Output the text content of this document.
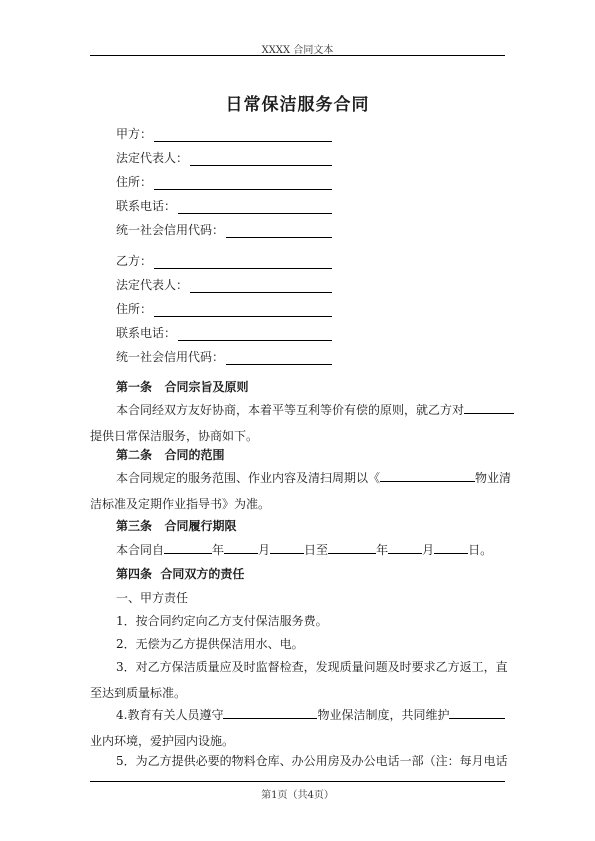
XXXX 合同文本
日常保洁服务合同
甲方：
法定代表人：
住所：
联系电话：
统一社会信用代码：
乙方：
法定代表人：
住所：
联系电话：
统一社会信用代码：
第一条   合同宗旨及原则
本合同经双方友好协商，本着平等互利等价有偿的原则，就乙方对
提供日常保洁服务，协商如下。
第二条   合同的范围
本合同规定的服务范围、作业内容及清扫周期以《	物业清
洁标准及定期作业指导书》为准。
第三条   合同履行期限
本合同自	年	月	日至	年	月	日。
第四条  合同双方的责任
一、甲方责任
1．按合同约定向乙方支付保洁服务费。
2．无偿为乙方提供保洁用水、电。
3．对乙方保洁质量应及时监督检查，发现质量问题及时要求乙方返工，直
至达到质量标准。
4.教育有关人员遵守	物业保洁制度，共同维护
业内环境，爱护园内设施。
5．为乙方提供必要的物料仓库、办公用房及办公电话一部（注：每月电话
第1页（共4页）
